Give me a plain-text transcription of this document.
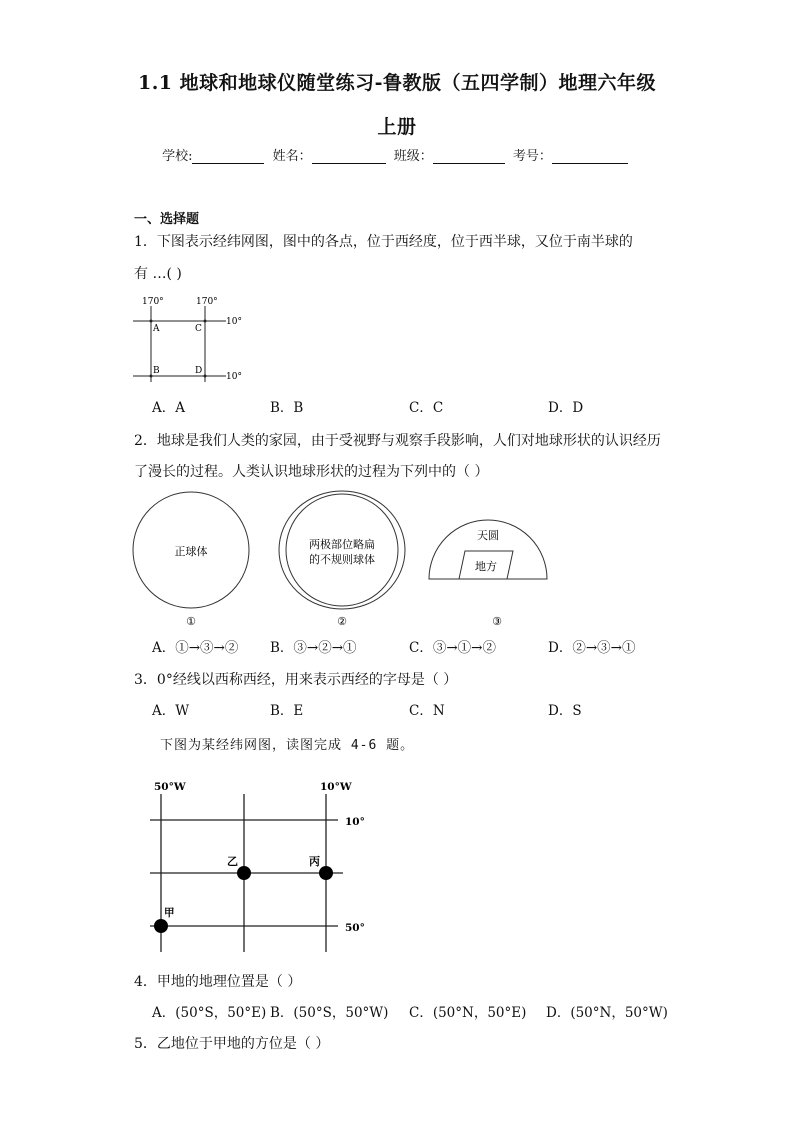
1.1 地球和地球仪随堂练习-鲁教版（五四学制）地理六年级
上册
学校:	姓名：	班级：	考号：
一、选择题
1．下图表示经纬网图，图中的各点，位于西经度，位于西半球，又位于南半球的
有 …( )
170°	170°
10°
10°
A	C
B	D
A．A	B．B	C．C	D．D
2．地球是我们人类的家园，由于受视野与观察手段影响，人们对地球形状的认识经历
了漫长的过程。人类认识地球形状的过程为下列中的（ ）
正球体
①
两极部位略扁
的不规则球体
②
天圆
地方
③
A．①→③→② B．③→②→①	C．③→①→②	D．②→③→①
3．0°经线以西称西经，用来表示西经的字母是（ ）
A．W	B．E	C．N	D．S
下图为某经纬网图，读图完成 4-6 题。
50°W	10°W
10°
50°
甲
乙	丙
4．甲地的地理位置是（ ）
A．(50°S，50°E) B．(50°S，50°W) C．(50°N，50°E) D．(50°N，50°W)
5．乙地位于甲地的方位是（ ）
